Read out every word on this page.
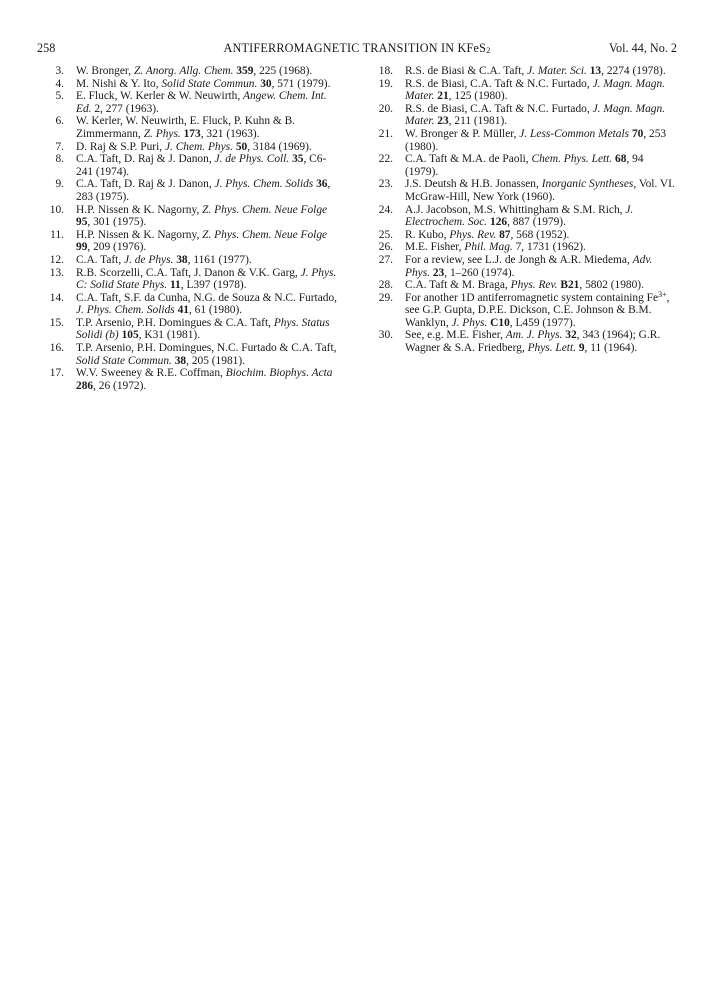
258	ANTIFERROMAGNETIC TRANSITION IN KFeS$_2$	Vol. 44, No. 2
3. W. Bronger, Z. Anorg. Allg. Chem. 359, 225 (1968).
4. M. Nishi & Y. Ito, Solid State Commun. 30, 571 (1979).
5. E. Fluck, W. Kerler & W. Neuwirth, Angew. Chem. Int. Ed. 2, 277 (1963).
6. W. Kerler, W. Neuwirth, E. Fluck, P. Kuhn & B. Zimmermann, Z. Phys. 173, 321 (1963).
7. D. Raj & S.P. Puri, J. Chem. Phys. 50, 3184 (1969).
8. C.A. Taft, D. Raj & J. Danon, J. de Phys. Coll. 35, C6-241 (1974).
9. C.A. Taft, D. Raj & J. Danon, J. Phys. Chem. Solids 36, 283 (1975).
10. H.P. Nissen & K. Nagorny, Z. Phys. Chem. Neue Folge 95, 301 (1975).
11. H.P. Nissen & K. Nagorny, Z. Phys. Chem. Neue Folge 99, 209 (1976).
12. C.A. Taft, J. de Phys. 38, 1161 (1977).
13. R.B. Scorzelli, C.A. Taft, J. Danon & V.K. Garg, J. Phys. C: Solid State Phys. 11, L397 (1978).
14. C.A. Taft, S.F. da Cunha, N.G. de Souza & N.C. Furtado, J. Phys. Chem. Solids 41, 61 (1980).
15. T.P. Arsenio, P.H. Domingues & C.A. Taft, Phys. Status Solidi (b) 105, K31 (1981).
16. T.P. Arsenio, P.H. Domingues, N.C. Furtado & C.A. Taft, Solid State Commun. 38, 205 (1981).
17. W.V. Sweeney & R.E. Coffman, Biochim. Biophys. Acta 286, 26 (1972).
18. R.S. de Biasi & C.A. Taft, J. Mater. Sci. 13, 2274 (1978).
19. R.S. de Biasi, C.A. Taft & N.C. Furtado, J. Magn. Magn. Mater. 21, 125 (1980).
20. R.S. de Biasi, C.A. Taft & N.C. Furtado, J. Magn. Magn. Mater. 23, 211 (1981).
21. W. Bronger & P. Müller, J. Less-Common Metals 70, 253 (1980).
22. C.A. Taft & M.A. de Paoli, Chem. Phys. Lett. 68, 94 (1979).
23. J.S. Deutsh & H.B. Jonassen, Inorganic Syntheses, Vol. VI. McGraw-Hill, New York (1960).
24. A.J. Jacobson, M.S. Whittingham & S.M. Rich, J. Electrochem. Soc. 126, 887 (1979).
25. R. Kubo, Phys. Rev. 87, 568 (1952).
26. M.E. Fisher, Phil. Mag. 7, 1731 (1962).
27. For a review, see L.J. de Jongh & A.R. Miedema, Adv. Phys. 23, 1–260 (1974).
28. C.A. Taft & M. Braga, Phys. Rev. B21, 5802 (1980).
29. For another 1D antiferromagnetic system containing $Fe^{3+}$, see G.P. Gupta, D.P.E. Dickson, C.E. Johnson & B.M. Wanklyn, J. Phys. C10, L459 (1977).
30. See, e.g. M.E. Fisher, Am. J. Phys. 32, 343 (1964); G.R. Wagner & S.A. Friedberg, Phys. Lett. 9, 11 (1964).
